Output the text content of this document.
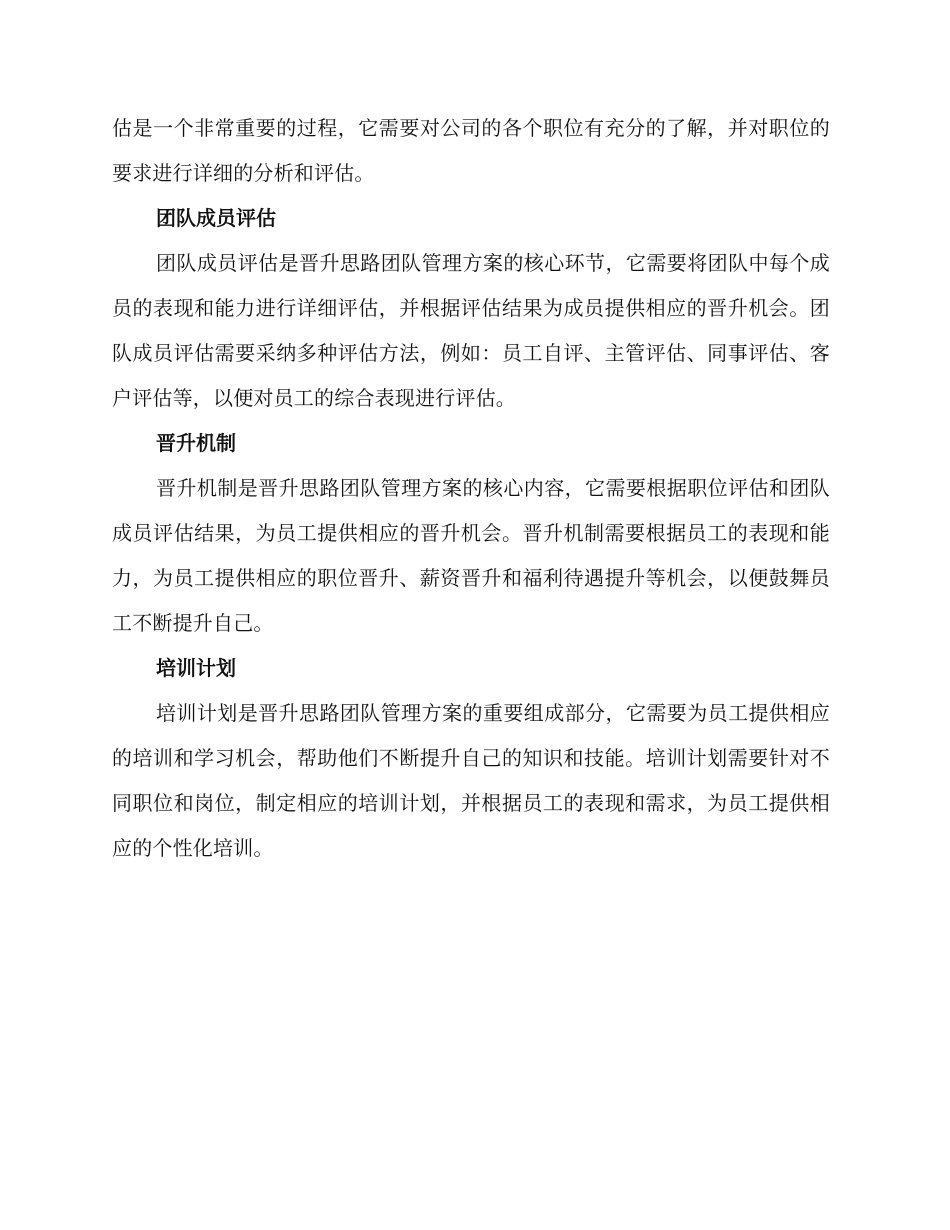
估是一个非常重要的过程，它需要对公司的各个职位有充分的了解，并对职位的要求进行详细的分析和评估。

团队成员评估

团队成员评估是晋升思路团队管理方案的核心环节，它需要将团队中每个成员的表现和能力进行详细评估，并根据评估结果为成员提供相应的晋升机会。团队成员评估需要采纳多种评估方法，例如：员工自评、主管评估、同事评估、客户评估等，以便对员工的综合表现进行评估。

晋升机制

晋升机制是晋升思路团队管理方案的核心内容，它需要根据职位评估和团队成员评估结果，为员工提供相应的晋升机会。晋升机制需要根据员工的表现和能力，为员工提供相应的职位晋升、薪资晋升和福利待遇提升等机会，以便鼓舞员工不断提升自己。

培训计划

培训计划是晋升思路团队管理方案的重要组成部分，它需要为员工提供相应的培训和学习机会，帮助他们不断提升自己的知识和技能。培训计划需要针对不同职位和岗位，制定相应的培训计划，并根据员工的表现和需求，为员工提供相应的个性化培训。
